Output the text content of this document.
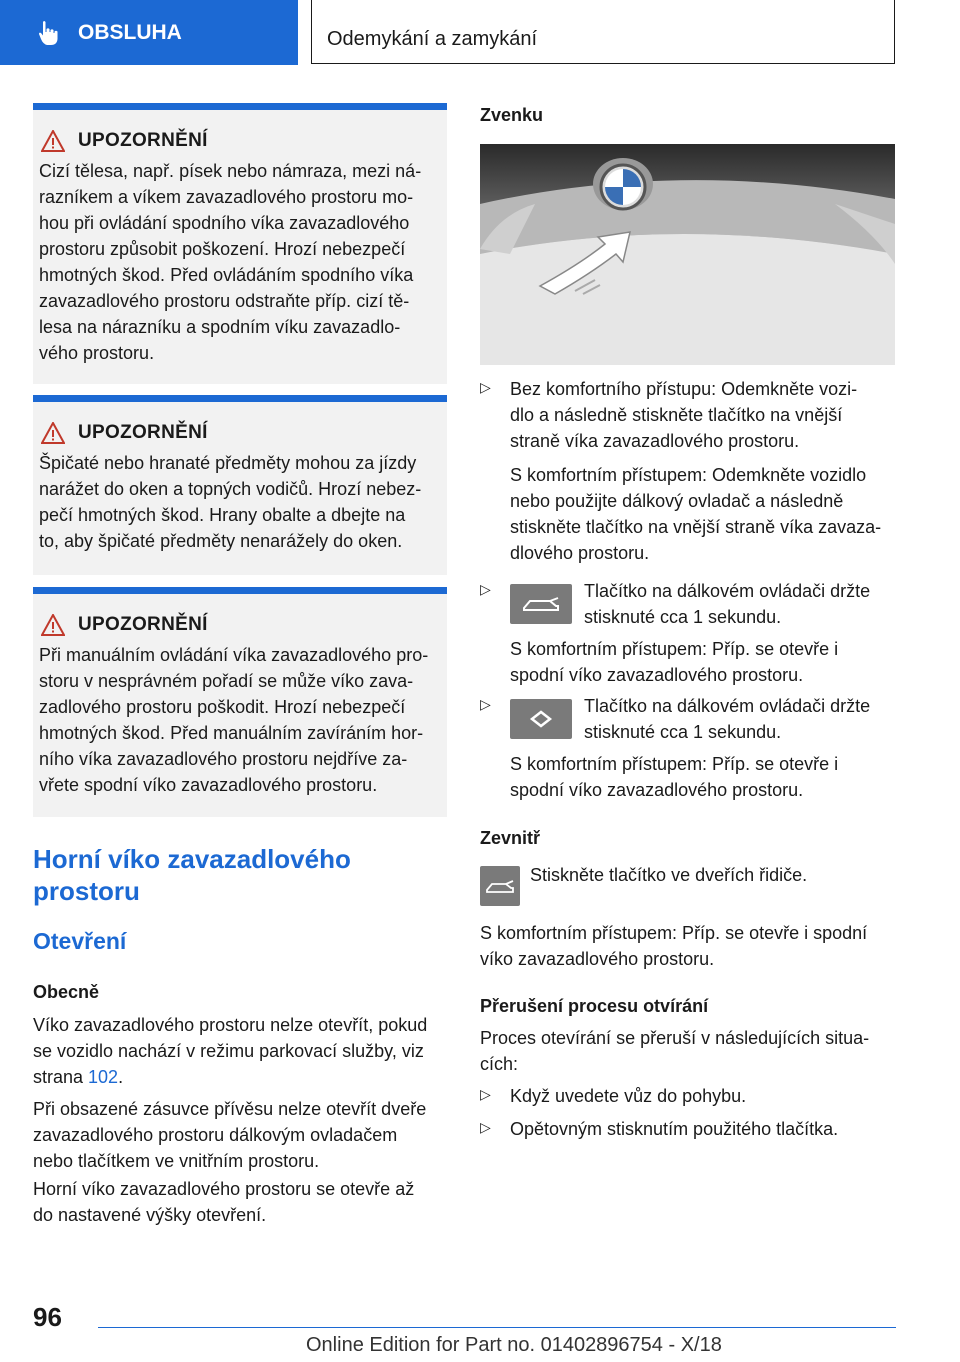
OBSLUHA	Odemykání a zamykání
UPOZORNĚNÍ
Cizí tělesa, např. písek nebo námraza, mezi ná-
razníkem a víkem zavazadlového prostoru mo-
hou při ovládání spodního víka zavazadlového
prostoru způsobit poškození. Hrozí nebezpečí
hmotných škod. Před ovládáním spodního víka
zavazadlového prostoru odstraňte příp. cizí tě-
lesa na nárazníku a spodním víku zavazadlo-
vého prostoru.
UPOZORNĚNÍ
Špičaté nebo hranaté předměty mohou za jízdy
narážet do oken a topných vodičů. Hrozí nebez-
pečí hmotných škod. Hrany obalte a dbejte na
to, aby špičaté předměty nenarážely do oken.
UPOZORNĚNÍ
Při manuálním ovládání víka zavazadlového pro-
storu v nesprávném pořadí se může víko zava-
zadlového prostoru poškodit. Hrozí nebezpečí
hmotných škod. Před manuálním zavíráním hor-
ního víka zavazadlového prostoru nejdříve za-
vřete spodní víko zavazadlového prostoru.
Horní víko zavazadlového
prostoru
Otevření
Obecně
Víko zavazadlového prostoru nelze otevřít, pokud
se vozidlo nachází v režimu parkovací služby, viz
strana 102.
Při obsazené zásuvce přívěsu nelze otevřít dveře
zavazadlového prostoru dálkovým ovladačem
nebo tlačítkem ve vnitřním prostoru.
Horní víko zavazadlového prostoru se otevře až
do nastavené výšky otevření.
Zvenku
▷ Bez komfortního přístupu: Odemkněte vozi-
dlo a následně stiskněte tlačítko na vnější
straně víka zavazadlového prostoru.
S komfortním přístupem: Odemkněte vozidlo
nebo použijte dálkový ovladač a následně
stiskněte tlačítko na vnější straně víka zavaza-
dlového prostoru.
▷	Tlačítko na dálkovém ovládači držte
stisknuté cca 1 sekundu.
S komfortním přístupem: Příp. se otevře i
spodní víko zavazadlového prostoru.
▷	Tlačítko na dálkovém ovládači držte
stisknuté cca 1 sekundu.
S komfortním přístupem: Příp. se otevře i
spodní víko zavazadlového prostoru.
Zevnitř
Stiskněte tlačítko ve dveřích řidiče.
S komfortním přístupem: Příp. se otevře i spodní
víko zavazadlového prostoru.
Přerušení procesu otvírání
Proces otevírání se přeruší v následujících situa-
cích:
▷ Když uvedete vůz do pohybu.
▷ Opětovným stisknutím použitého tlačítka.
96
Online Edition for Part no. 01402896754 - X/18
